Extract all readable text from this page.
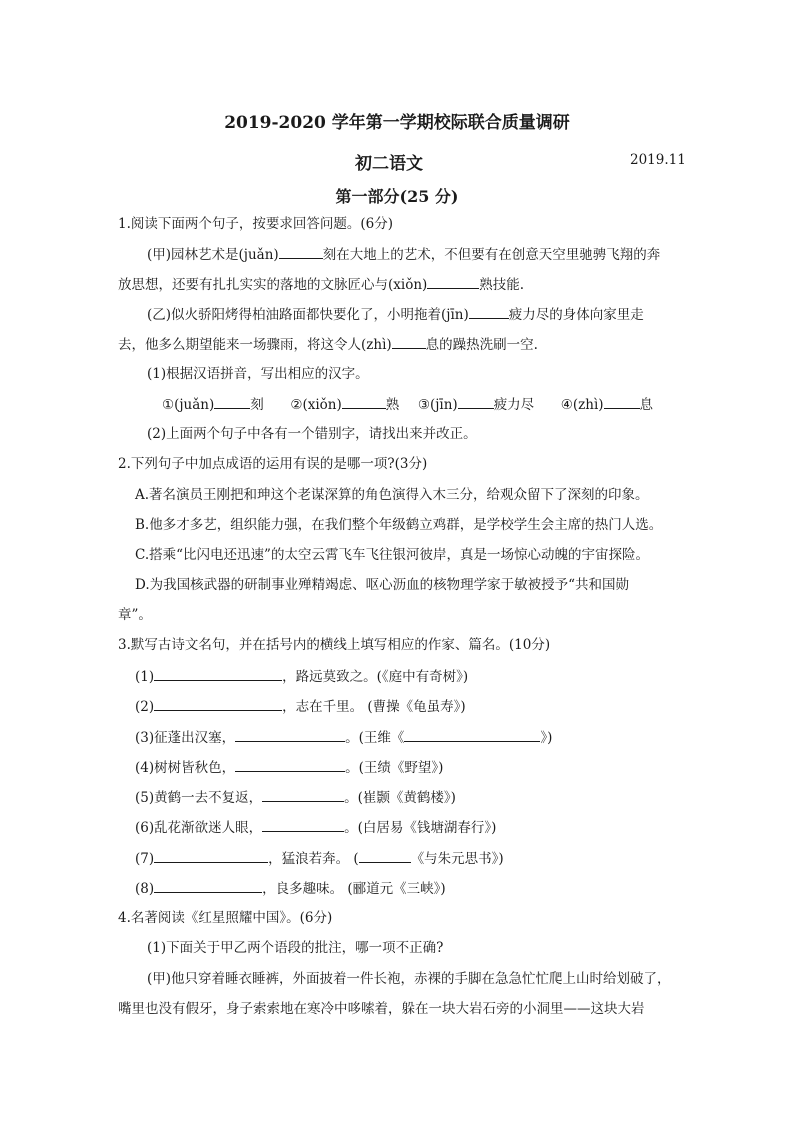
2019-2020 学年第一学期校际联合质量调研
初二语文	2019.11
第一部分(25 分)
1.阅读下面两个句子，按要求回答问题。(6分)
(甲)园林艺术是(juǎn)	刻在大地上的艺术，不但要有在创意天空里驰骋飞翔的奔
放思想，还要有扎扎实实的落地的文脉匠心与(xiǒn)	熟技能.
(乙)似火骄阳烤得柏油路面都快要化了，小明拖着(jīn)	疲力尽的身体向家里走
去，他多么期望能来一场骤雨，将这令人(zhì)	息的躁热洗刷一空.
(1)根据汉语拼音，写出相应的汉字。
①(juǎn)	刻 ②(xiǒn)	熟 ③(jīn)	疲力尽 ④(zhì)	息
(2)上面两个句子中各有一个错别字，请找出来并改正。
2.下列句子中加点成语的运用有误的是哪一项?(3分)
A.著名演员王刚把和珅这个老谋深算的角色演得入木三分，给观众留下了深刻的印象。
B.他多才多艺，组织能力强，在我们整个年级鹤立鸡群，是学校学生会主席的热门人选。
C.搭乘“比闪电还迅速”的太空云霄飞车飞往银河彼岸，真是一场惊心动魄的宇宙探险。
D.为我国核武器的研制事业殚精竭虑、呕心沥血的核物理学家于敏被授予“共和国勋
章”。
3.默写古诗文名句，并在括号内的横线上填写相应的作家、篇名。(10分)
(1)	，路远莫致之。(《庭中有奇树》)
(2)	，志在千里。 (曹操《龟虽寿》)
(3)征蓬出汉塞，	。(王维《	》)
(4)树树皆秋色，	。(王绩《野望》)
(5)黄鹤一去不复返，	。(崔颢《黄鹤楼》)
(6)乱花渐欲迷人眼，	。(白居易《钱塘湖春行》)
(7)	，猛浪若奔。 (	《与朱元思书》)
(8)	，良多趣味。 (郦道元《三峡》)
4.名著阅读《红星照耀中国》。(6分)
(1)下面关于甲乙两个语段的批注，哪一项不正确?
(甲)他只穿着睡衣睡裤，外面披着一件长袍，赤裸的手脚在急急忙忙爬上山时给划破了，
嘴里也没有假牙，身子索索地在寒冷中哆嗦着，躲在一块大岩石旁的小洞里——这块大岩
